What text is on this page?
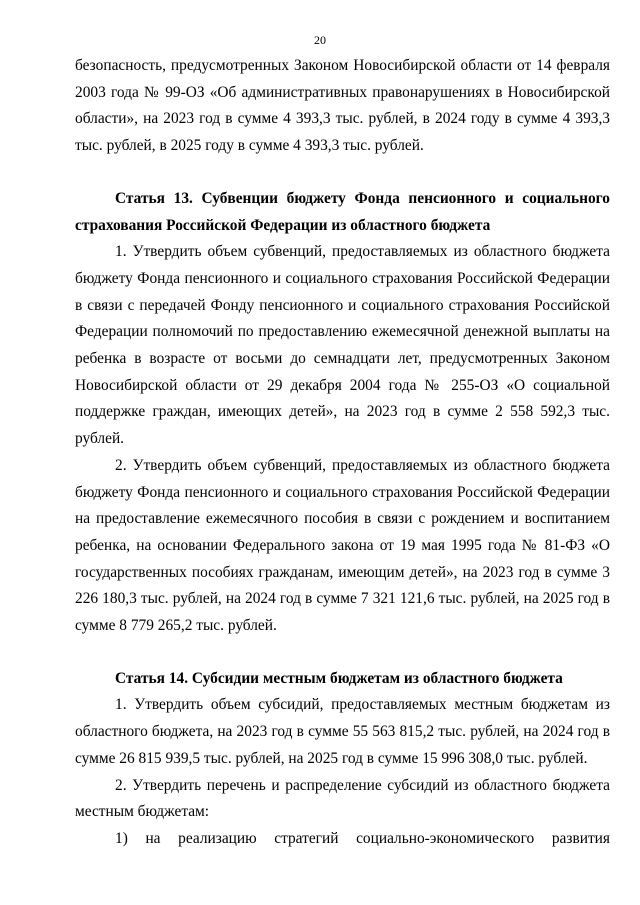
20

безопасность, предусмотренных Законом Новосибирской области от 14 февраля 2003 года № 99-ОЗ «Об административных правонарушениях в Новосибирской области», на 2023 год в сумме 4 393,3 тыс. рублей, в 2024 году в сумме 4 393,3 тыс. рублей, в 2025 году в сумме 4 393,3 тыс. рублей.

Статья 13. Субвенции бюджету Фонда пенсионного и социального страхования Российской Федерации из областного бюджета

1. Утвердить объем субвенций, предоставляемых из областного бюджета бюджету Фонда пенсионного и социального страхования Российской Федерации в связи с передачей Фонду пенсионного и социального страхования Российской Федерации полномочий по предоставлению ежемесячной денежной выплаты на ребенка в возрасте от восьми до семнадцати лет, предусмотренных Законом Новосибирской области от 29 декабря 2004 года № 255-ОЗ «О социальной поддержке граждан, имеющих детей», на 2023 год в сумме 2 558 592,3 тыс. рублей.

2. Утвердить объем субвенций, предоставляемых из областного бюджета бюджету Фонда пенсионного и социального страхования Российской Федерации на предоставление ежемесячного пособия в связи с рождением и воспитанием ребенка, на основании Федерального закона от 19 мая 1995 года № 81-ФЗ «О государственных пособиях гражданам, имеющим детей», на 2023 год в сумме 3 226 180,3 тыс. рублей, на 2024 год в сумме 7 321 121,6 тыс. рублей, на 2025 год в сумме 8 779 265,2 тыс. рублей.

Статья 14. Субсидии местным бюджетам из областного бюджета

1. Утвердить объем субсидий, предоставляемых местным бюджетам из областного бюджета, на 2023 год в сумме 55 563 815,2 тыс. рублей, на 2024 год в сумме 26 815 939,5 тыс. рублей, на 2025 год в сумме 15 996 308,0 тыс. рублей.

2. Утвердить перечень и распределение субсидий из областного бюджета местным бюджетам:

1) на реализацию стратегий социально-экономического развития
